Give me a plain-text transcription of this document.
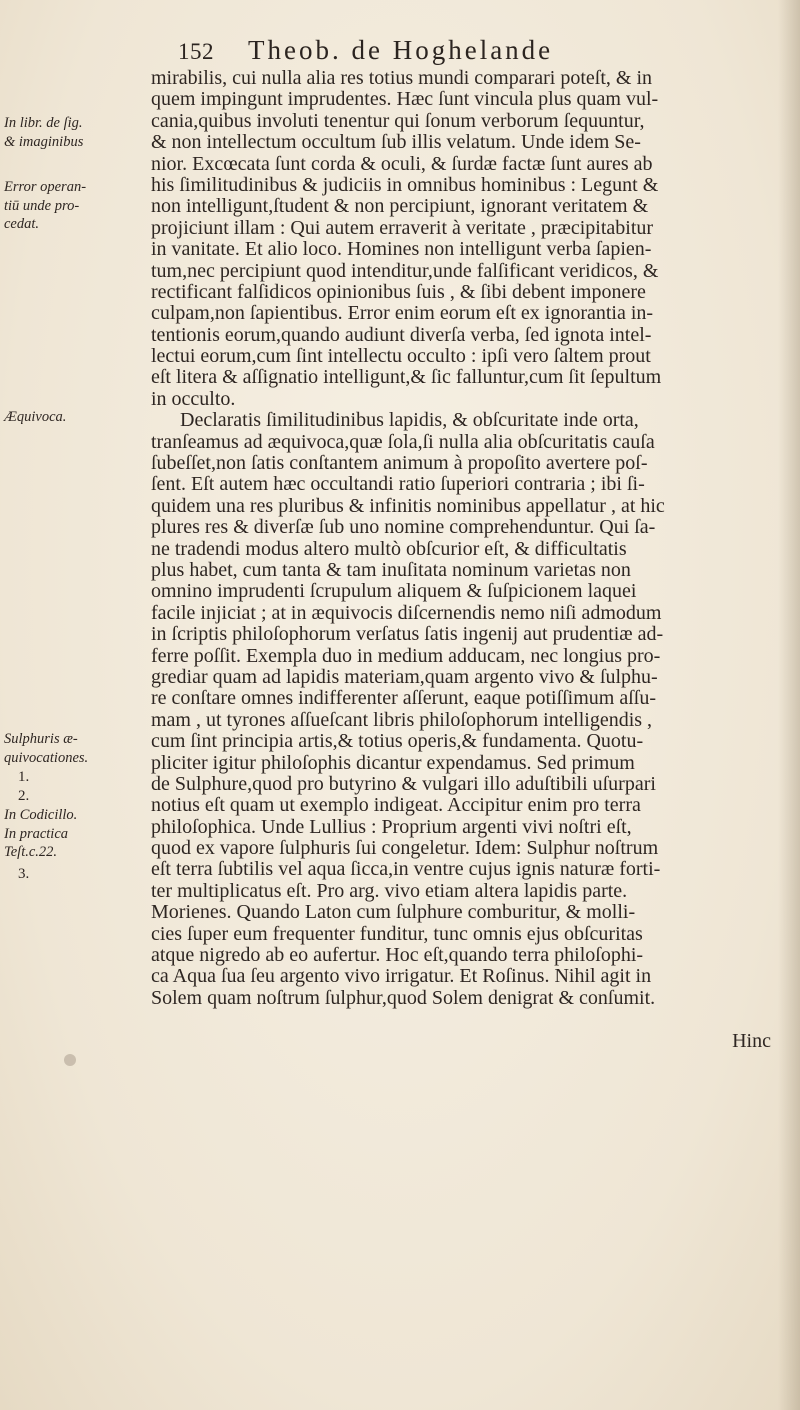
152	Theob. de Hoghelande
mirabilis, cui nulla alia res totius mundi comparari poteſt, & in
quem impingunt imprudentes. Hæc ſunt vincula plus quam vul-
cania,quibus involuti tenentur qui ſonum verborum ſequuntur,
& non intellectum occultum ſub illis velatum. Unde idem Se-
nior. Excœcata ſunt corda & oculi, & ſurdæ factæ ſunt aures ab
his ſimilitudinibus & judiciis in omnibus hominibus : Legunt &
non intelligunt,ſtudent & non percipiunt, ignorant veritatem &
projiciunt illam : Qui autem erraverit à veritate , præcipitabitur
in vanitate. Et alio loco. Homines non intelligunt verba ſapien-
tum,nec percipiunt quod intenditur,unde falſificant veridicos, &
rectificant falſidicos opinionibus ſuis , & ſibi debent imponere
culpam,non ſapientibus. Error enim eorum eſt ex ignorantia in-
tentionis eorum,quando audiunt diverſa verba, ſed ignota intel-
lectui eorum,cum ſint intellectu occulto : ipſi vero ſaltem prout
eſt litera & aſſignatio intelligunt,& ſic falluntur,cum ſit ſepultum
in occulto.
Declaratis ſimilitudinibus lapidis, & obſcuritate inde orta,
tranſeamus ad æquivoca,quæ ſola,ſi nulla alia obſcuritatis cauſa
ſubeſſet,non ſatis conſtantem animum à propoſito avertere poſ-
ſent. Eſt autem hæc occultandi ratio ſuperiori contraria ; ibi ſi-
quidem una res pluribus & infinitis nominibus appellatur , at hic
plures res & diverſæ ſub uno nomine comprehenduntur. Qui ſa-
ne tradendi modus altero multò obſcurior eſt, & difficultatis
plus habet, cum tanta & tam inuſitata nominum varietas non
omnino imprudenti ſcrupulum aliquem & ſuſpicionem laquei
facile injiciat ; at in æquivocis diſcernendis nemo niſi admodum
in ſcriptis philoſophorum verſatus ſatis ingenij aut prudentiæ ad-
ferre poſſit. Exempla duo in medium adducam, nec longius pro-
grediar quam ad lapidis materiam,quam argento vivo & ſulphu-
re conſtare omnes indifferenter aſſerunt, eaque potiſſimum aſſu-
mam , ut tyrones aſſueſcant libris philoſophorum intelligendis ,
cum ſint principia artis,& totius operis,& fundamenta. Quotu-
pliciter igitur philoſophis dicantur expendamus. Sed primum
de Sulphure,quod pro butyrino & vulgari illo aduſtibili uſurpari
notius eſt quam ut exemplo indigeat. Accipitur enim pro terra
philoſophica. Unde Lullius : Proprium argenti vivi noſtri eſt,
quod ex vapore ſulphuris ſui congeletur. Idem: Sulphur noſtrum
eſt terra ſubtilis vel aqua ſicca,in ventre cujus ignis naturæ forti-
ter multiplicatus eſt. Pro arg. vivo etiam altera lapidis parte.
Morienes. Quando Laton cum ſulphure comburitur, & molli-
cies ſuper eum frequenter funditur, tunc omnis ejus obſcuritas
atque nigredo ab eo aufertur. Hoc eſt,quando terra philoſophi-
ca Aqua ſua ſeu argento vivo irrigatur. Et Roſinus. Nihil agit in
Solem quam noſtrum ſulphur,quod Solem denigrat & conſumit.
Hinc
In libr. de ſig.
& imaginibus
Error operan-
tiū unde pro-
cedat.
Æquivoca.
Sulphuris æ-
quivocationes.
1.
2.
In Codicillo.
In practica
Teſt.c.22.
3.
